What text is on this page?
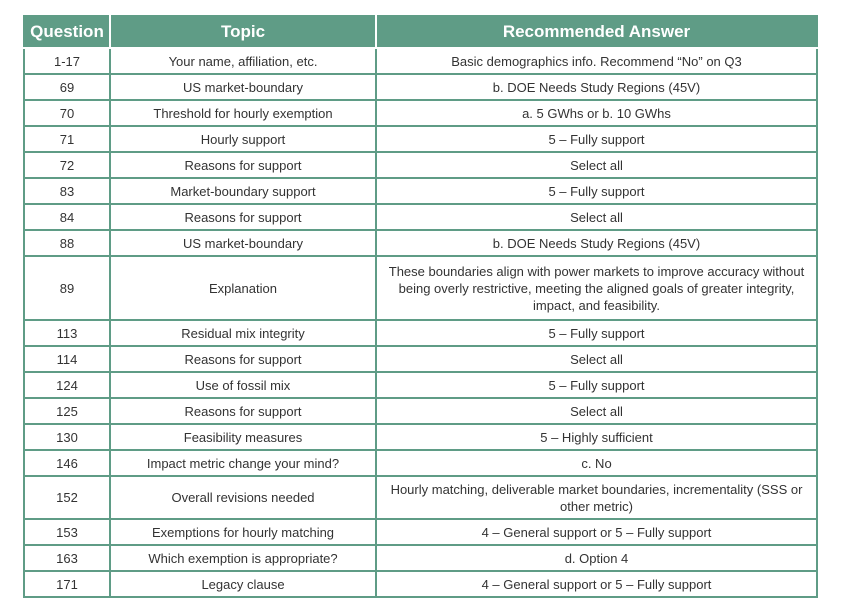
Question	Topic	Recommended Answer
1-17	Your name, affiliation, etc.	Basic demographics info. Recommend “No” on Q3
69	US market-boundary	b. DOE Needs Study Regions (45V)
70	Threshold for hourly exemption	a. 5 GWhs or b. 10 GWhs
71	Hourly support	5 – Fully support
72	Reasons for support	Select all
83	Market-boundary support	5 – Fully support
84	Reasons for support	Select all
88	US market-boundary	b. DOE Needs Study Regions (45V)
89	Explanation	These boundaries align with power markets to improve accuracy without being overly restrictive, meeting the aligned goals of greater integrity, impact, and feasibility.
113	Residual mix integrity	5 – Fully support
114	Reasons for support	Select all
124	Use of fossil mix	5 – Fully support
125	Reasons for support	Select all
130	Feasibility measures	5 – Highly sufficient
146	Impact metric change your mind?	c. No
152	Overall revisions needed	Hourly matching, deliverable market boundaries, incrementality (SSS or other metric)
153	Exemptions for hourly matching	4 – General support or 5 – Fully support
163	Which exemption is appropriate?	d. Option 4
171	Legacy clause	4 – General support or 5 – Fully support
